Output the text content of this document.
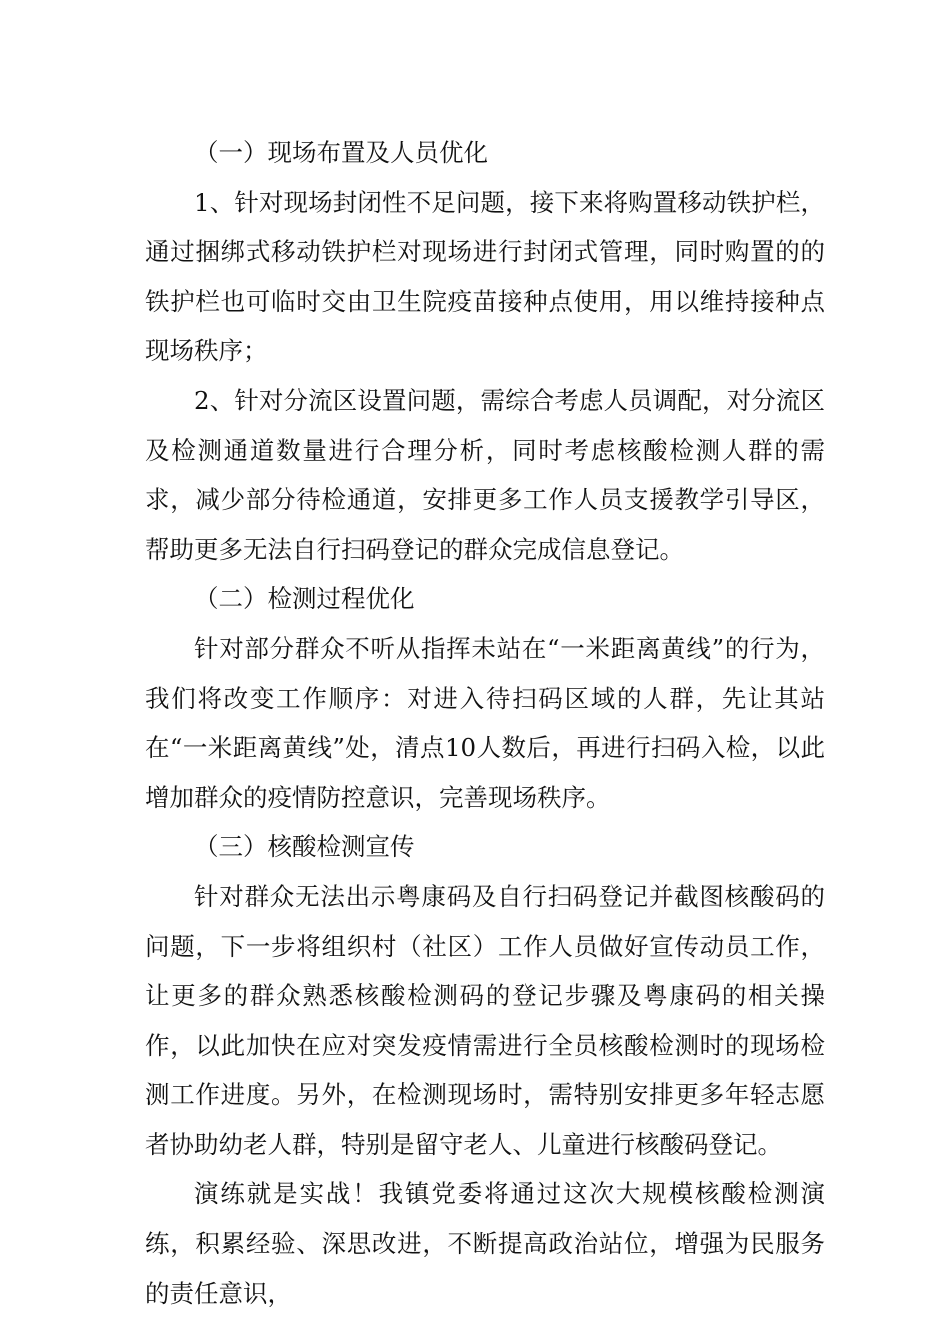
（一）现场布置及人员优化

1、针对现场封闭性不足问题，接下来将购置移动铁护栏，通过捆绑式移动铁护栏对现场进行封闭式管理，同时购置的的铁护栏也可临时交由卫生院疫苗接种点使用，用以维持接种点现场秩序；

2、针对分流区设置问题，需综合考虑人员调配，对分流区及检测通道数量进行合理分析，同时考虑核酸检测人群的需求，减少部分待检通道，安排更多工作人员支援教学引导区，帮助更多无法自行扫码登记的群众完成信息登记。

（二）检测过程优化

针对部分群众不听从指挥未站在“一米距离黄线”的行为，我们将改变工作顺序：对进入待扫码区域的人群，先让其站在“一米距离黄线”处，清点10人数后，再进行扫码入检，以此增加群众的疫情防控意识，完善现场秩序。

（三）核酸检测宣传

针对群众无法出示粤康码及自行扫码登记并截图核酸码的问题，下一步将组织村（社区）工作人员做好宣传动员工作，让更多的群众熟悉核酸检测码的登记步骤及粤康码的相关操作，以此加快在应对突发疫情需进行全员核酸检测时的现场检测工作进度。另外，在检测现场时，需特别安排更多年轻志愿者协助幼老人群，特别是留守老人、儿童进行核酸码登记。

演练就是实战！我镇党委将通过这次大规模核酸检测演练，积累经验、深思改进，不断提高政治站位，增强为民服务的责任意识，
